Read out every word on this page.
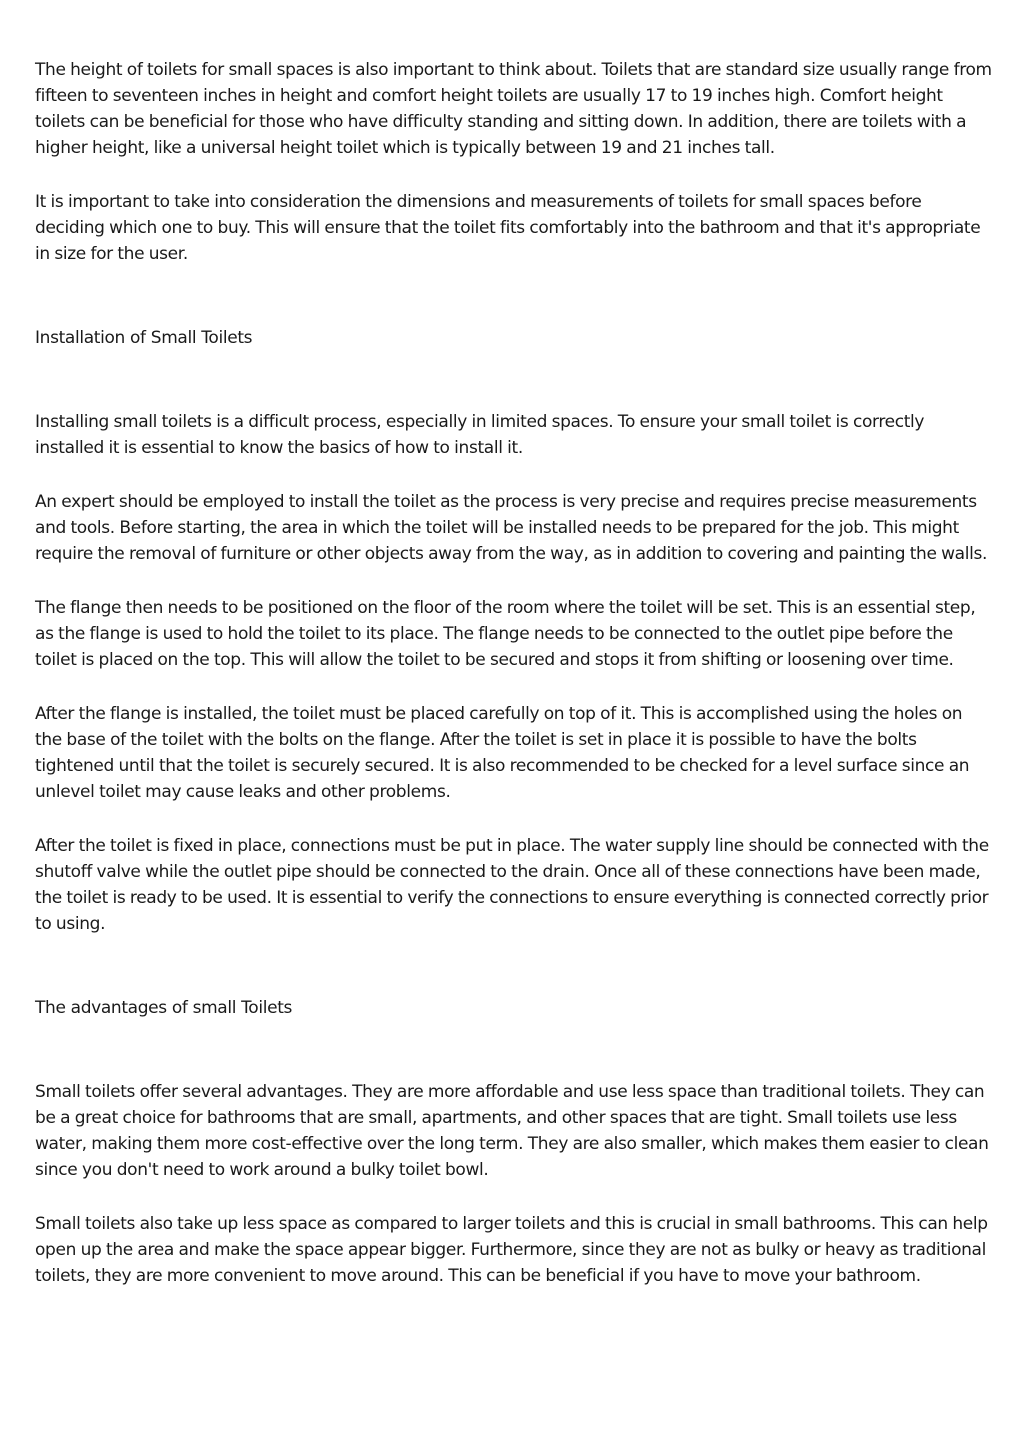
The height of toilets for small spaces is also important to think about. Toilets that are standard size usually range from fifteen to seventeen inches in height and comfort height toilets are usually 17 to 19 inches high. Comfort height toilets can be beneficial for those who have difficulty standing and sitting down. In addition, there are toilets with a higher height, like a universal height toilet which is typically between 19 and 21 inches tall.

It is important to take into consideration the dimensions and measurements of toilets for small spaces before deciding which one to buy. This will ensure that the toilet fits comfortably into the bathroom and that it's appropriate in size for the user.

Installation of Small Toilets

Installing small toilets is a difficult process, especially in limited spaces. To ensure your small toilet is correctly installed it is essential to know the basics of how to install it.

An expert should be employed to install the toilet as the process is very precise and requires precise measurements and tools. Before starting, the area in which the toilet will be installed needs to be prepared for the job. This might require the removal of furniture or other objects away from the way, as in addition to covering and painting the walls.

The flange then needs to be positioned on the floor of the room where the toilet will be set. This is an essential step, as the flange is used to hold the toilet to its place. The flange needs to be connected to the outlet pipe before the toilet is placed on the top. This will allow the toilet to be secured and stops it from shifting or loosening over time.

After the flange is installed, the toilet must be placed carefully on top of it. This is accomplished using the holes on the base of the toilet with the bolts on the flange. After the toilet is set in place it is possible to have the bolts tightened until that the toilet is securely secured. It is also recommended to be checked for a level surface since an unlevel toilet may cause leaks and other problems.

After the toilet is fixed in place, connections must be put in place. The water supply line should be connected with the shutoff valve while the outlet pipe should be connected to the drain. Once all of these connections have been made, the toilet is ready to be used. It is essential to verify the connections to ensure everything is connected correctly prior to using.

The advantages of small Toilets

Small toilets offer several advantages. They are more affordable and use less space than traditional toilets. They can be a great choice for bathrooms that are small, apartments, and other spaces that are tight. Small toilets use less water, making them more cost-effective over the long term. They are also smaller, which makes them easier to clean since you don't need to work around a bulky toilet bowl.

Small toilets also take up less space as compared to larger toilets and this is crucial in small bathrooms. This can help open up the area and make the space appear bigger. Furthermore, since they are not as bulky or heavy as traditional toilets, they are more convenient to move around. This can be beneficial if you have to move your bathroom.
